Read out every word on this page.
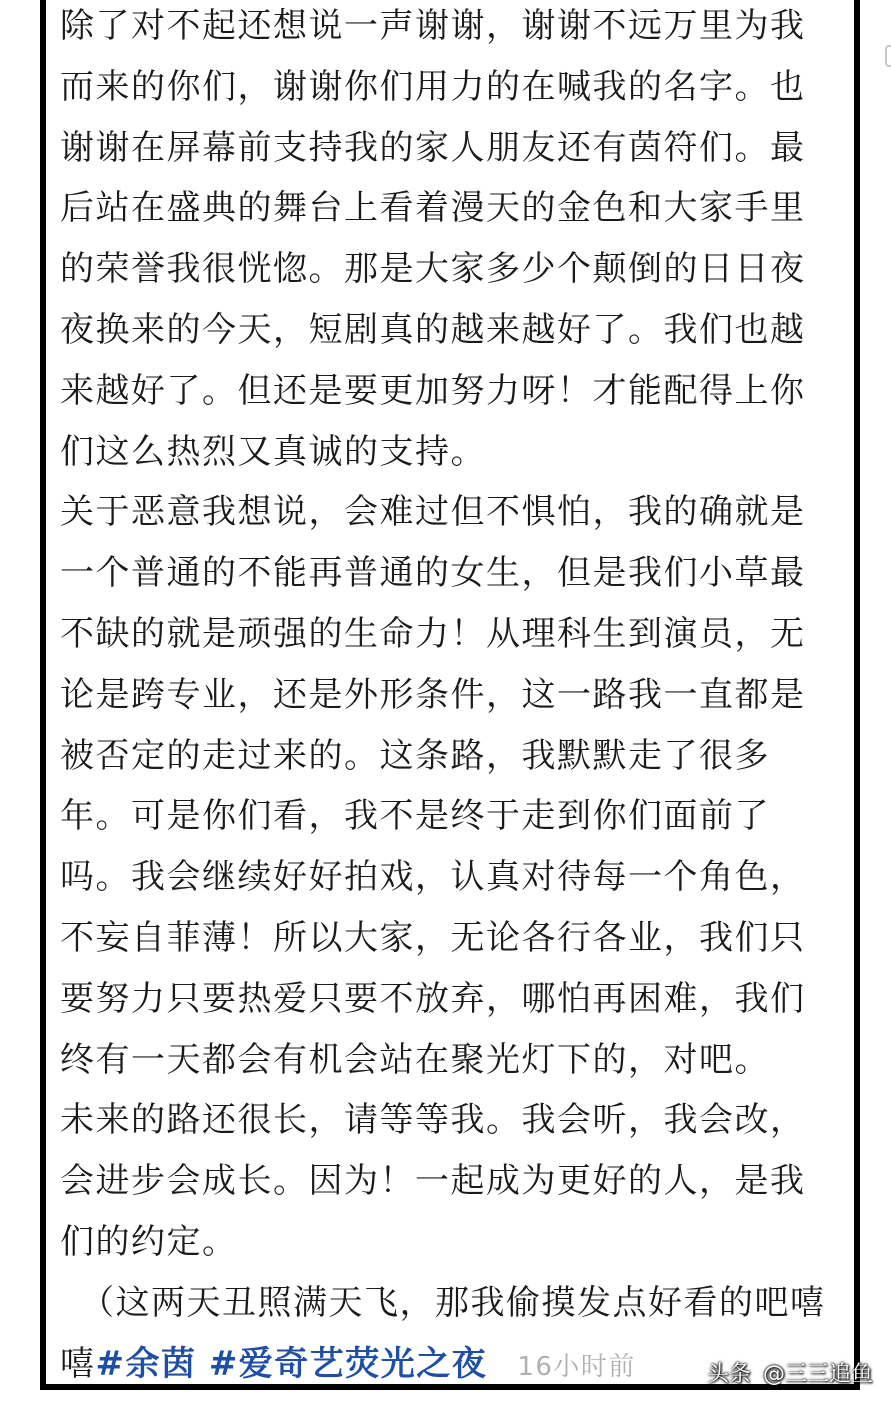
除了对不起还想说一声谢谢，谢谢不远万里为我
而来的你们，谢谢你们用力的在喊我的名字。也
谢谢在屏幕前支持我的家人朋友还有茵符们。最
后站在盛典的舞台上看着漫天的金色和大家手里
的荣誉我很恍惚。那是大家多少个颠倒的日日夜
夜换来的今天，短剧真的越来越好了。我们也越
来越好了。但还是要更加努力呀！才能配得上你
们这么热烈又真诚的支持。
关于恶意我想说，会难过但不惧怕，我的确就是
一个普通的不能再普通的女生，但是我们小草最
不缺的就是顽强的生命力！从理科生到演员，无
论是跨专业，还是外形条件，这一路我一直都是
被否定的走过来的。这条路，我默默走了很多
年。可是你们看，我不是终于走到你们面前了
吗。我会继续好好拍戏，认真对待每一个角色，
不妄自菲薄！所以大家，无论各行各业，我们只
要努力只要热爱只要不放弃，哪怕再困难，我们
终有一天都会有机会站在聚光灯下的，对吧。
未来的路还很长，请等等我。我会听，我会改，
会进步会成长。因为！一起成为更好的人，是我
们的约定。
（这两天丑照满天飞，那我偷摸发点好看的吧嘻
嘻#余茵 #爱奇艺荧光之夜 16小时前	头条 @三三追鱼
